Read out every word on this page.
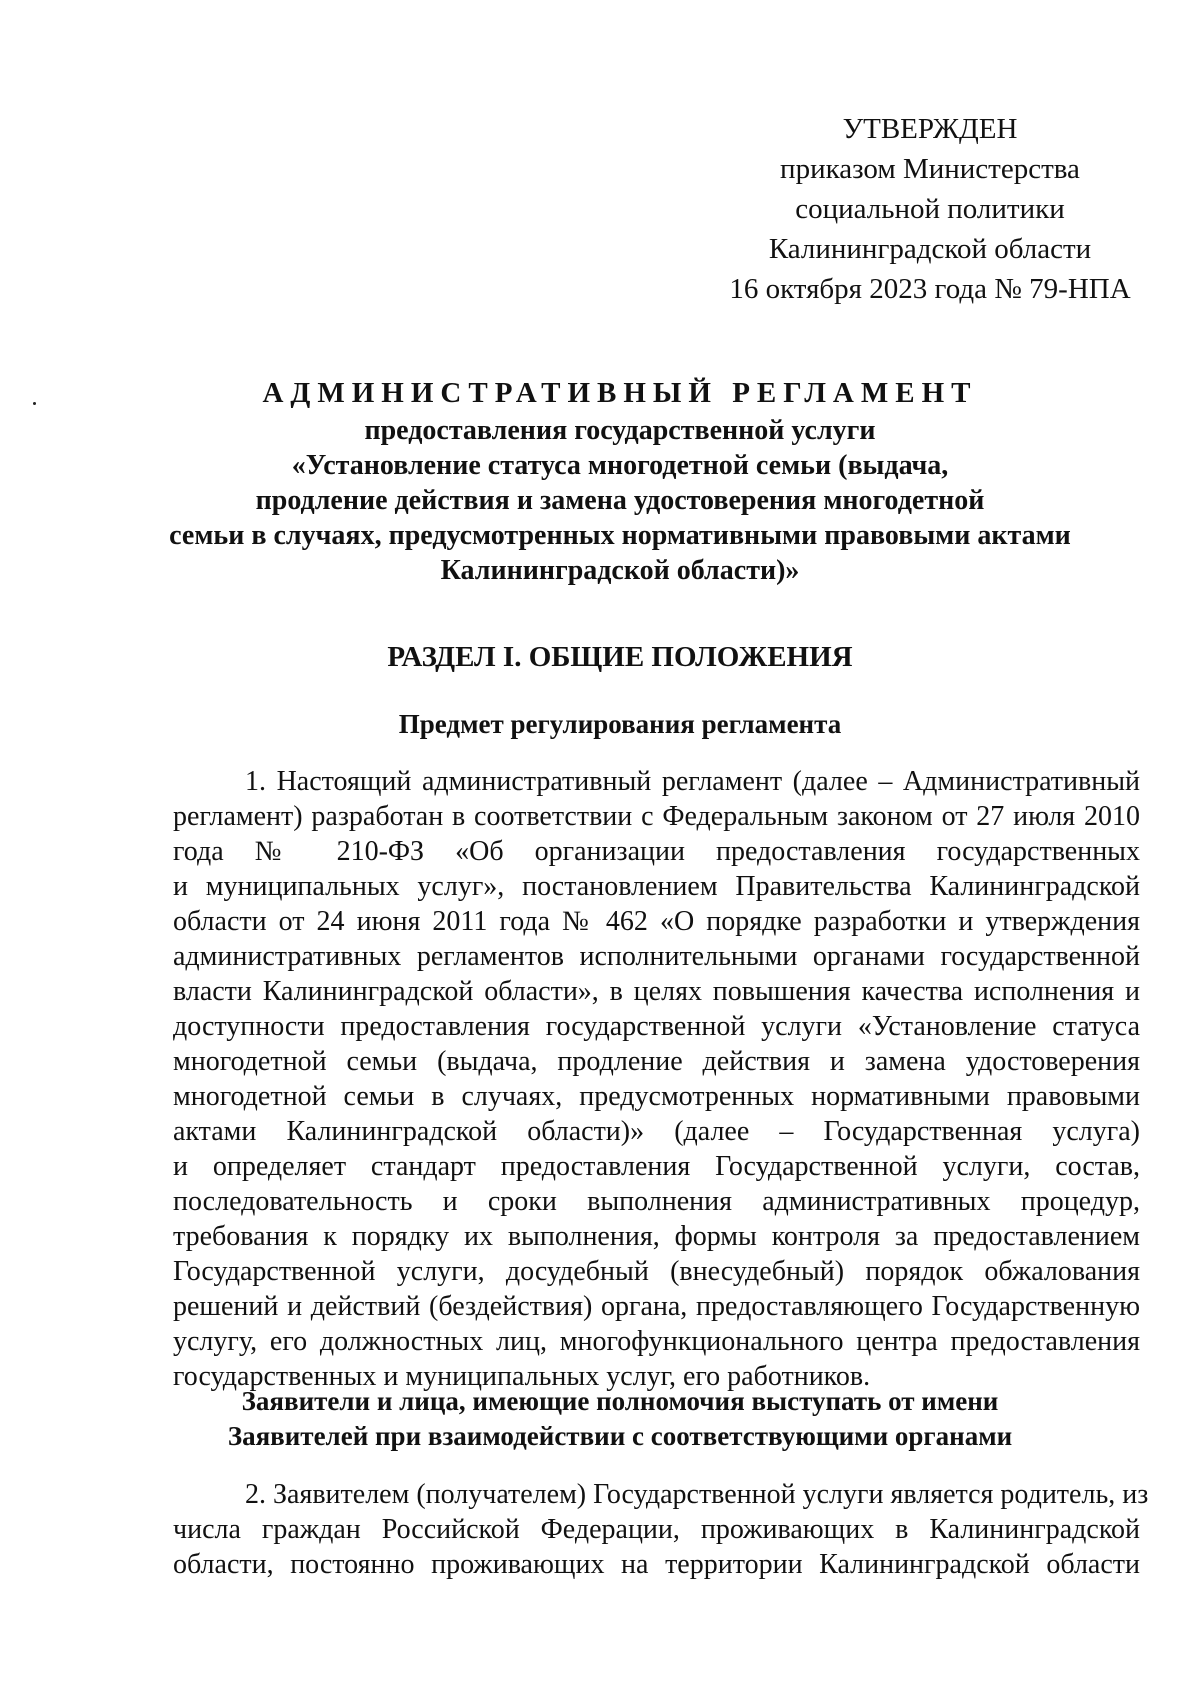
УТВЕРЖДЕН
приказом Министерства
социальной политики
Калининградской области
16 октября 2023 года № 79-НПА
АДМИНИСТРАТИВНЫЙ РЕГЛАМЕНТ
предоставления государственной услуги
«Установление статуса многодетной семьи (выдача,
продление действия и замена удостоверения многодетной
семьи в случаях, предусмотренных нормативными правовыми актами
Калининградской области)»
РАЗДЕЛ I. ОБЩИЕ ПОЛОЖЕНИЯ
Предмет регулирования регламента
1. Настоящий административный регламент (далее – Административный
регламент) разработан в соответствии с Федеральным законом от 27 июля 2010
года № 210-ФЗ «Об организации предоставления государственных
и муниципальных услуг», постановлением Правительства Калининградской
области от 24 июня 2011 года № 462 «О порядке разработки и утверждения
административных регламентов исполнительными органами государственной
власти Калининградской области», в целях повышения качества исполнения и
доступности предоставления государственной услуги «Установление статуса
многодетной семьи (выдача, продление действия и замена удостоверения
многодетной семьи в случаях, предусмотренных нормативными правовыми
актами Калининградской области)» (далее – Государственная услуга)
и определяет стандарт предоставления Государственной услуги, состав,
последовательность и сроки выполнения административных процедур,
требования к порядку их выполнения, формы контроля за предоставлением
Государственной услуги, досудебный (внесудебный) порядок обжалования
решений и действий (бездействия) органа, предоставляющего Государственную
услугу, его должностных лиц, многофункционального центра предоставления
государственных и муниципальных услуг, его работников.
Заявители и лица, имеющие полномочия выступать от имени
Заявителей при взаимодействии с соответствующими органами
2. Заявителем (получателем) Государственной услуги является родитель, из
числа граждан Российской Федерации, проживающих в Калининградской
области, постоянно проживающих на территории Калининградской области
